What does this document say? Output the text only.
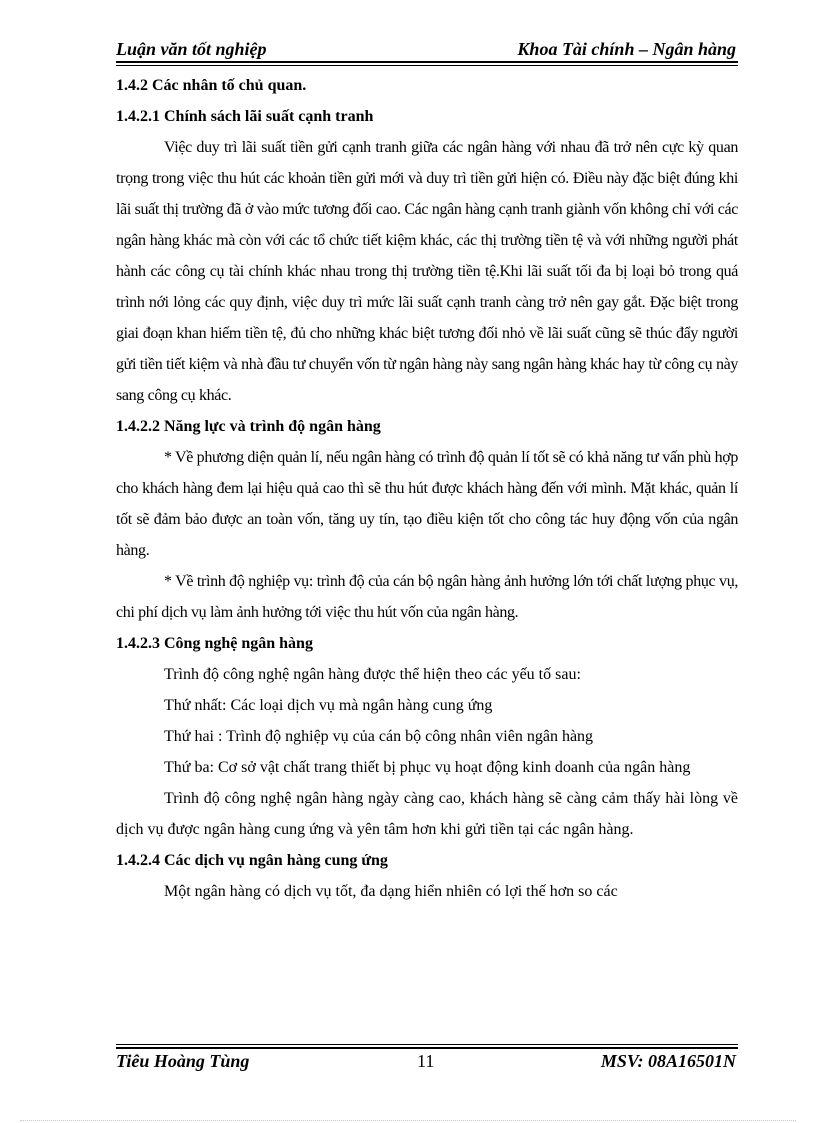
Luận văn tốt nghiệp	Khoa Tài chính – Ngân hàng

1.4.2 Các nhân tố chủ quan.

1.4.2.1 Chính sách lãi suất cạnh tranh

Việc duy trì lãi suất tiền gửi cạnh tranh giữa các ngân hàng với nhau đã trở nên cực kỳ quan trọng trong việc thu hút các khoản tiền gửi mới và duy trì tiền gửi hiện có. Điều này đặc biệt đúng khi lãi suất thị trường đã ở vào mức tương đối cao. Các ngân hàng cạnh tranh giành vốn không chỉ với các ngân hàng khác mà còn với các tổ chức tiết kiệm khác, các thị trường tiền tệ và với những người phát hành các công cụ tài chính khác nhau trong thị trường tiền tệ.Khi lãi suất tối đa bị loại bỏ trong quá trình nới lỏng các quy định, việc duy trì mức lãi suất cạnh tranh càng trở nên gay gắt. Đặc biệt trong giai đoạn khan hiếm tiền tệ, đủ cho những khác biệt tương đối nhỏ về lãi suất cũng sẽ thúc đẩy người gửi tiền tiết kiệm và nhà đầu tư chuyển vốn từ ngân hàng này sang ngân hàng khác hay từ công cụ này sang công cụ khác.

1.4.2.2 Năng lực và trình độ ngân hàng

* Về phương diện quản lí, nếu ngân hàng có trình độ quản lí tốt sẽ có khả năng tư vấn phù hợp cho khách hàng đem lại hiệu quả cao thì sẽ thu hút được khách hàng đến với mình. Mặt khác, quản lí tốt sẽ đảm bảo được an toàn vốn, tăng uy tín, tạo điều kiện tốt cho công tác huy động vốn của ngân hàng.

* Về trình độ nghiệp vụ: trình độ của cán bộ ngân hàng ảnh hưởng lớn tới chất lượng phục vụ, chi phí dịch vụ làm ảnh hưởng tới việc thu hút vốn của ngân hàng.

1.4.2.3 Công nghệ ngân hàng

Trình độ công nghệ ngân hàng được thể hiện theo các yếu tố sau:

Thứ nhất: Các loại dịch vụ mà ngân hàng cung ứng

Thứ hai : Trình độ nghiệp vụ của cán bộ công nhân viên ngân hàng

Thứ ba: Cơ sở vật chất trang thiết bị phục vụ hoạt động kinh doanh của ngân hàng

Trình độ công nghệ ngân hàng ngày càng cao, khách hàng sẽ càng cảm thấy hài lòng về dịch vụ được ngân hàng cung ứng và yên tâm hơn khi gửi tiền tại các ngân hàng.

1.4.2.4 Các dịch vụ ngân hàng cung ứng

Một ngân hàng có dịch vụ tốt, đa dạng hiển nhiên có lợi thế hơn so các

Tiêu Hoàng Tùng	11	MSV: 08A16501N
